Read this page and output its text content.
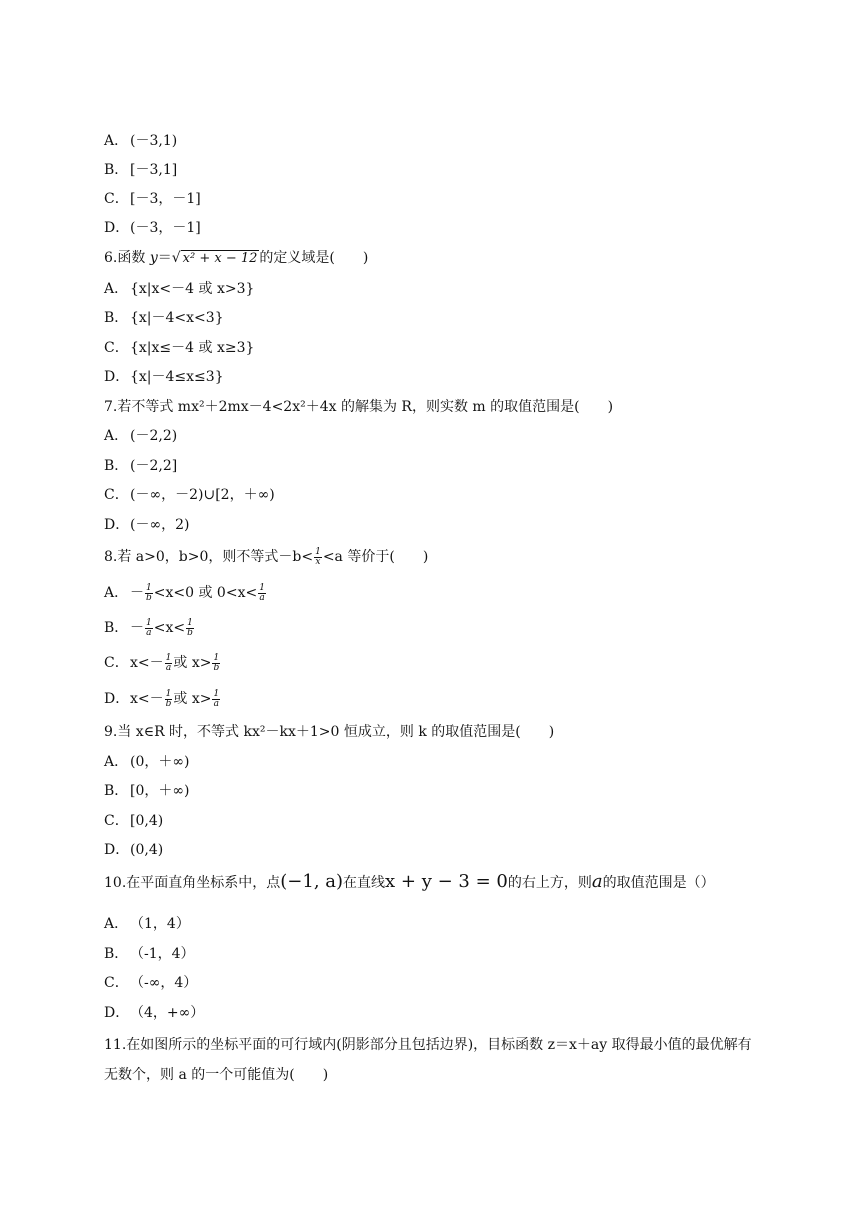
A． (－3,1)
B． [－3,1]
C．[－3，－1]
D．(－3，－1]
6.函数 y＝√ x² + x − 12 的定义域是(　　)
A． {x|x<－4 或 x>3}
B． {x|－4<x<3}
C．{x|x≤－4 或 x≥3}
D．{x|－4≤x≤3}
7.若不等式 mx²＋2mx－4<2x²＋4x 的解集为 R，则实数 m 的取值范围是(　　)
A． (－2,2)
B． (－2,2]
C．(－∞，－2)∪[2，＋∞)
D．(－∞，2)
8.若 a>0，b>0，则不等式$-b< \frac{1}{x} <a$ 等价于(　　)
A． － $\frac{1}{b} <x<0$ 或 $0<x< \frac{1}{a}$
B． － $\frac{1}{a} <x< \frac{1}{b}$
C．$x<- \frac{1}{a}$ 或 $x> \frac{1}{b}$
D．$x<- \frac{1}{b}$ 或 $x> \frac{1}{a}$
9.当 x∈R 时，不等式 kx²－kx＋1>0 恒成立，则 k 的取值范围是(　　)
A． (0，＋∞)
B． [0，＋∞)
C．[0,4)
D．(0,4)
10.在平面直角坐标系中，点(−1, a)在直线x + y − 3 = 0的右上方，则a的取值范围是（）
A． （1，4）
B． （-1，4）
C．（-∞，4）
D．（4，+∞）
11.在如图所示的坐标平面的可行域内(阴影部分且包括边界)，目标函数 z＝x＋ay 取得最小值的最优解有无数个，则 a 的一个可能值为(　　)
